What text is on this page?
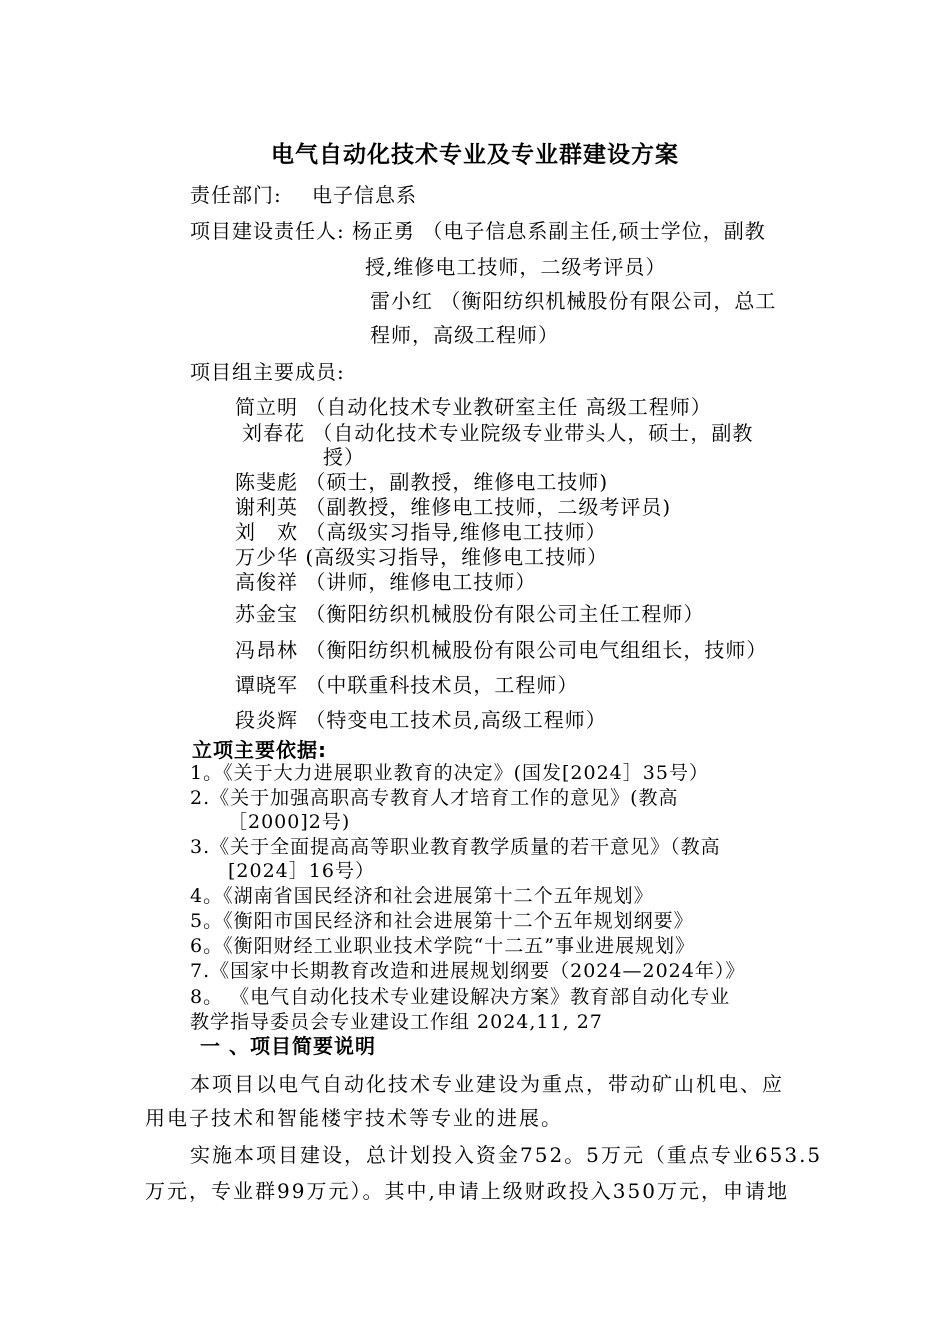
电气自动化技术专业及专业群建设方案
责任部门: 电子信息系
项目建设责任人: 杨正勇 （电子信息系副主任,硕士学位，副教
授,维修电工技师，二级考评员）
雷小红 （衡阳纺织机械股份有限公司，总工
程师，高级工程师）
项目组主要成员:
简立明 （自动化技术专业教研室主任 高级工程师）
刘春花 （自动化技术专业院级专业带头人，硕士，副教
授）
陈斐彪 （硕士，副教授，维修电工技师)
谢利英 （副教授，维修电工技师，二级考评员)
刘　欢 （高级实习指导,维修电工技师）
万少华 (高级实习指导，维修电工技师）
高俊祥 （讲师，维修电工技师）
苏金宝 （衡阳纺织机械股份有限公司主任工程师）
冯昂林 （衡阳纺织机械股份有限公司电气组组长，技师）
谭晓军 （中联重科技术员，工程师）
段炎辉 （特变电工技术员,高级工程师）
立项主要依据:
1。《关于大力进展职业教育的决定》(国发[2024］35号）
2.《关于加强高职高专教育人才培育工作的意见》(教高
［2000]2号)
3.《关于全面提高高等职业教育教学质量的若干意见》（教高
[2024］16号）
4。《湖南省国民经济和社会进展第十二个五年规划》
5。《衡阳市国民经济和社会进展第十二个五年规划纲要》
6。《衡阳财经工业职业技术学院“十二五”事业进展规划》
7.《国家中长期教育改造和进展规划纲要（2024—2024年）》
8。 《电气自动化技术专业建设解决方案》教育部自动化专业
教学指导委员会专业建设工作组 2024,11, 27
一 、项目简要说明
本项目以电气自动化技术专业建设为重点，带动矿山机电、应
用电子技术和智能楼宇技术等专业的进展。
实施本项目建设，总计划投入资金752。5万元（重点专业653.5
万元，专业群99万元）。其中,申请上级财政投入350万元，申请地
